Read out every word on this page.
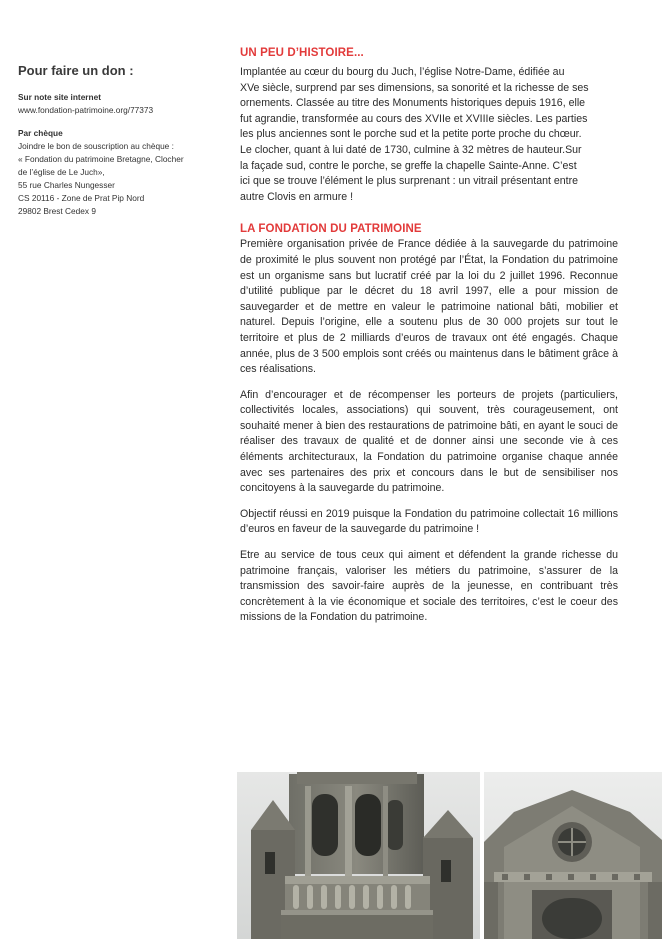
Pour faire un don :

Sur note site internet

www.fondation-patrimoine.org/77373

Par chèque

Joindre le bon de souscription au chèque :

« Fondation du patrimoine Bretagne, Clocher

de l’église de Le Juch»,

55 rue Charles Nungesser

CS 20116 - Zone de Prat Pip Nord

29802 Brest Cedex 9

UN PEU D’HISTOIRE...

Implantée au cœur du bourg du Juch, l’église Notre-Dame, édifiée au

XVe siècle, surprend par ses dimensions, sa sonorité et la richesse de ses

ornements. Classée au titre des Monuments historiques depuis 1916, elle

fut agrandie, transformée au cours des XVIIe et XVIIIe siècles. Les parties

les plus anciennes sont le porche sud et la petite porte proche du chœur.

Le clocher, quant à lui daté de 1730, culmine à 32 mètres de hauteur.Sur

la façade sud, contre le porche, se greffe la chapelle Sainte-Anne. C’est

ici que se trouve l’élément le plus surprenant : un vitrail présentant entre

autre Clovis en armure !

LA FONDATION DU PATRIMOINE

Première organisation privée de France dédiée à la sauvegarde du patrimoine de proximité le plus souvent non protégé par l’État, la Fondation du patrimoine est un organisme sans but lucratif créé par la loi du 2 juillet 1996. Reconnue d’utilité publique par le décret du 18 avril 1997, elle a pour mission de sauvegarder et de mettre en valeur le patrimoine national bâti, mobilier et naturel. Depuis l’origine, elle a soutenu plus de 30 000 projets sur tout le territoire et plus de 2 milliards d’euros de travaux ont été engagés. Chaque année, plus de 3 500 emplois sont créés ou maintenus dans le bâtiment grâce à ces réalisations.

Afin d’encourager et de récompenser les porteurs de projets (particuliers, collectivités locales, associations) qui souvent, très courageusement, ont souhaité mener à bien des restaurations de patrimoine bâti, en ayant le souci de réaliser des travaux de qualité et de donner ainsi une seconde vie à ces éléments architecturaux, la Fondation du patrimoine organise chaque année avec ses partenaires des prix et concours dans le but de sensibiliser nos concitoyens à la sauvegarde du patrimoine.

Objectif réussi en 2019 puisque la Fondation du patrimoine collectait 16 millions d’euros en faveur de la sauvegarde du patrimoine !

Etre au service de tous ceux qui aiment et défendent la grande richesse du patrimoine français, valoriser les métiers du patrimoine, s’assurer de la transmission des savoir-faire auprès de la jeunesse, en contribuant très concrètement à la vie économique et sociale des territoires, c’est le coeur des missions de la Fondation du patrimoine.
